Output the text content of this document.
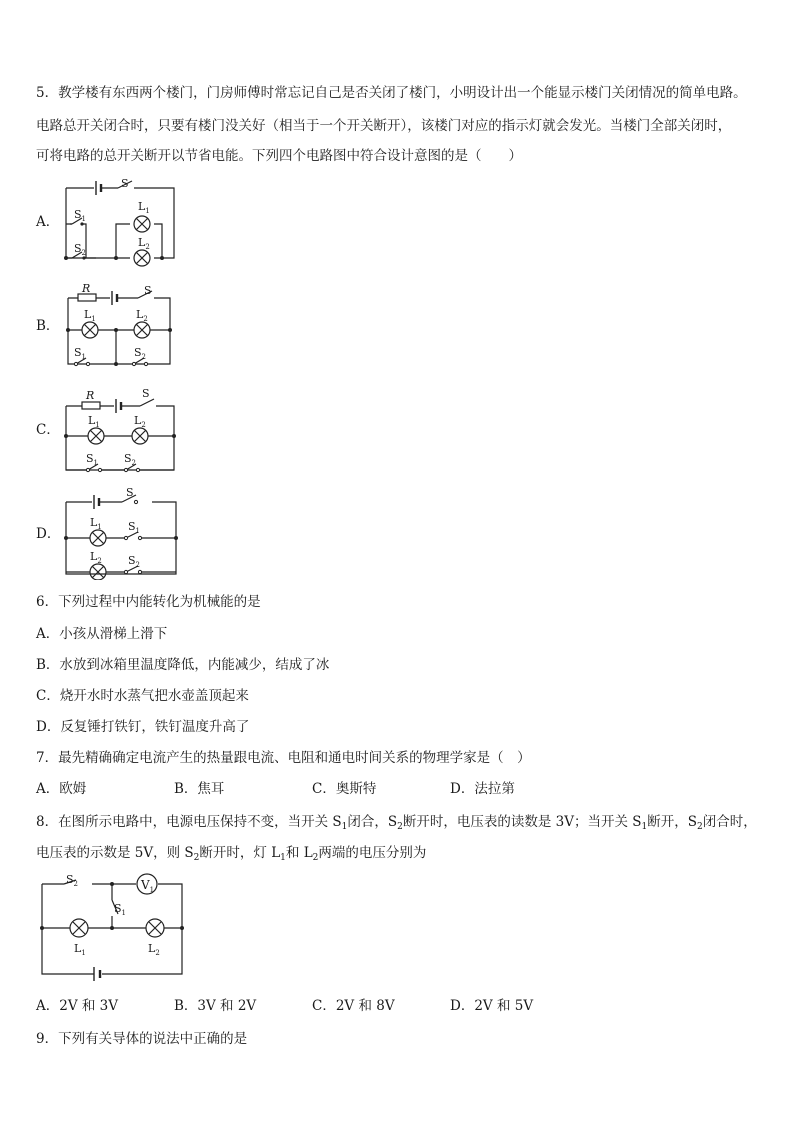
5．教学楼有东西两个楼门，门房师傅时常忘记自己是否关闭了楼门，小明设计出一个能显示楼门关闭情况的简单电路。
电路总开关闭合时，只要有楼门没关好（相当于一个开关断开），该楼门对应的指示灯就会发光。当楼门全部关闭时，
可将电路的总开关断开以节省电能。下列四个电路图中符合设计意图的是（　　）
A．
B．
C．
D．
S
$S_1$
$S_2$
$L_1$
$L_2$
R	S
$L_1$	$L_2$
$S_1$	$S_2$
R	S
$L_1$	$L_2$
$S_1$ $S_2$
S
$L_1$
$L_2$
$S_1$
$S_2$
6．下列过程中内能转化为机械能的是
A．小孩从滑梯上滑下
B．水放到冰箱里温度降低，内能减少，结成了冰
C．烧开水时水蒸气把水壶盖顶起来
D．反复锤打铁钉，铁钉温度升高了
7．最先精确确定电流产生的热量跟电流、电阻和通电时间关系的物理学家是（　）
A．欧姆	B．焦耳	C．奥斯特	D．法拉第
8．在图所示电路中，电源电压保持不变，当开关 $S_1$闭合，$S_2$断开时，电压表的读数是 3V；当开关 $S_1$断开，$S_2$闭合时，
电压表的示数是 5V，则 $S_2$断开时，灯 $L_1$和 $L_2$两端的电压分别为
$S_2$
$S_1$
$V_1$
$L_1$	$L_2$
A．2V 和 3V	B．3V 和 2V	C．2V 和 8V	D．2V 和 5V
9．下列有关导体的说法中正确的是
